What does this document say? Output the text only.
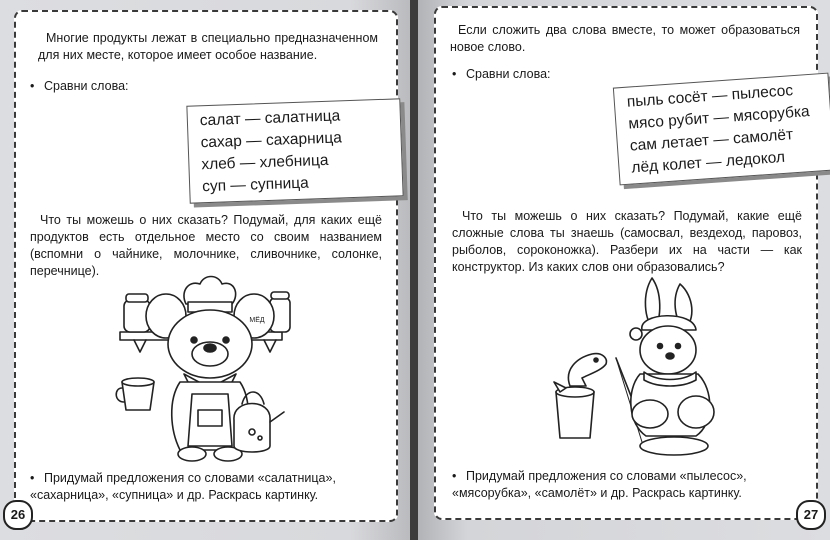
Многие продукты лежат в специально предназначенном для них месте, которое имеет особое название.
• Сравни слова:
салат — салатница
сахар — сахарница
хлеб — хлебница
суп — супница
Что ты можешь о них сказать? Подумай, для каких ещё продуктов есть отдельное место со своим названием (вспомни о чайнике, молочнике, сливочнике, солонке, перечнице).
МЁД
• Придумай предложения со словами «салатница», «сахарница», «супница» и др. Раскрась картинку.
26
Если сложить два слова вместе, то может образоваться новое слово.
• Сравни слова:
пыль сосёт — пылесос
мясо рубит — мясорубка
сам летает — самолёт
лёд колет — ледокол
Что ты можешь о них сказать? Подумай, какие ещё сложные слова ты знаешь (самосвал, вездеход, паровоз, рыболов, сороконожка). Разбери их на части — как конструктор. Из каких слов они образовались?
• Придумай предложения со словами «пылесос», «мясорубка», «самолёт» и др. Раскрась картинку.
27
